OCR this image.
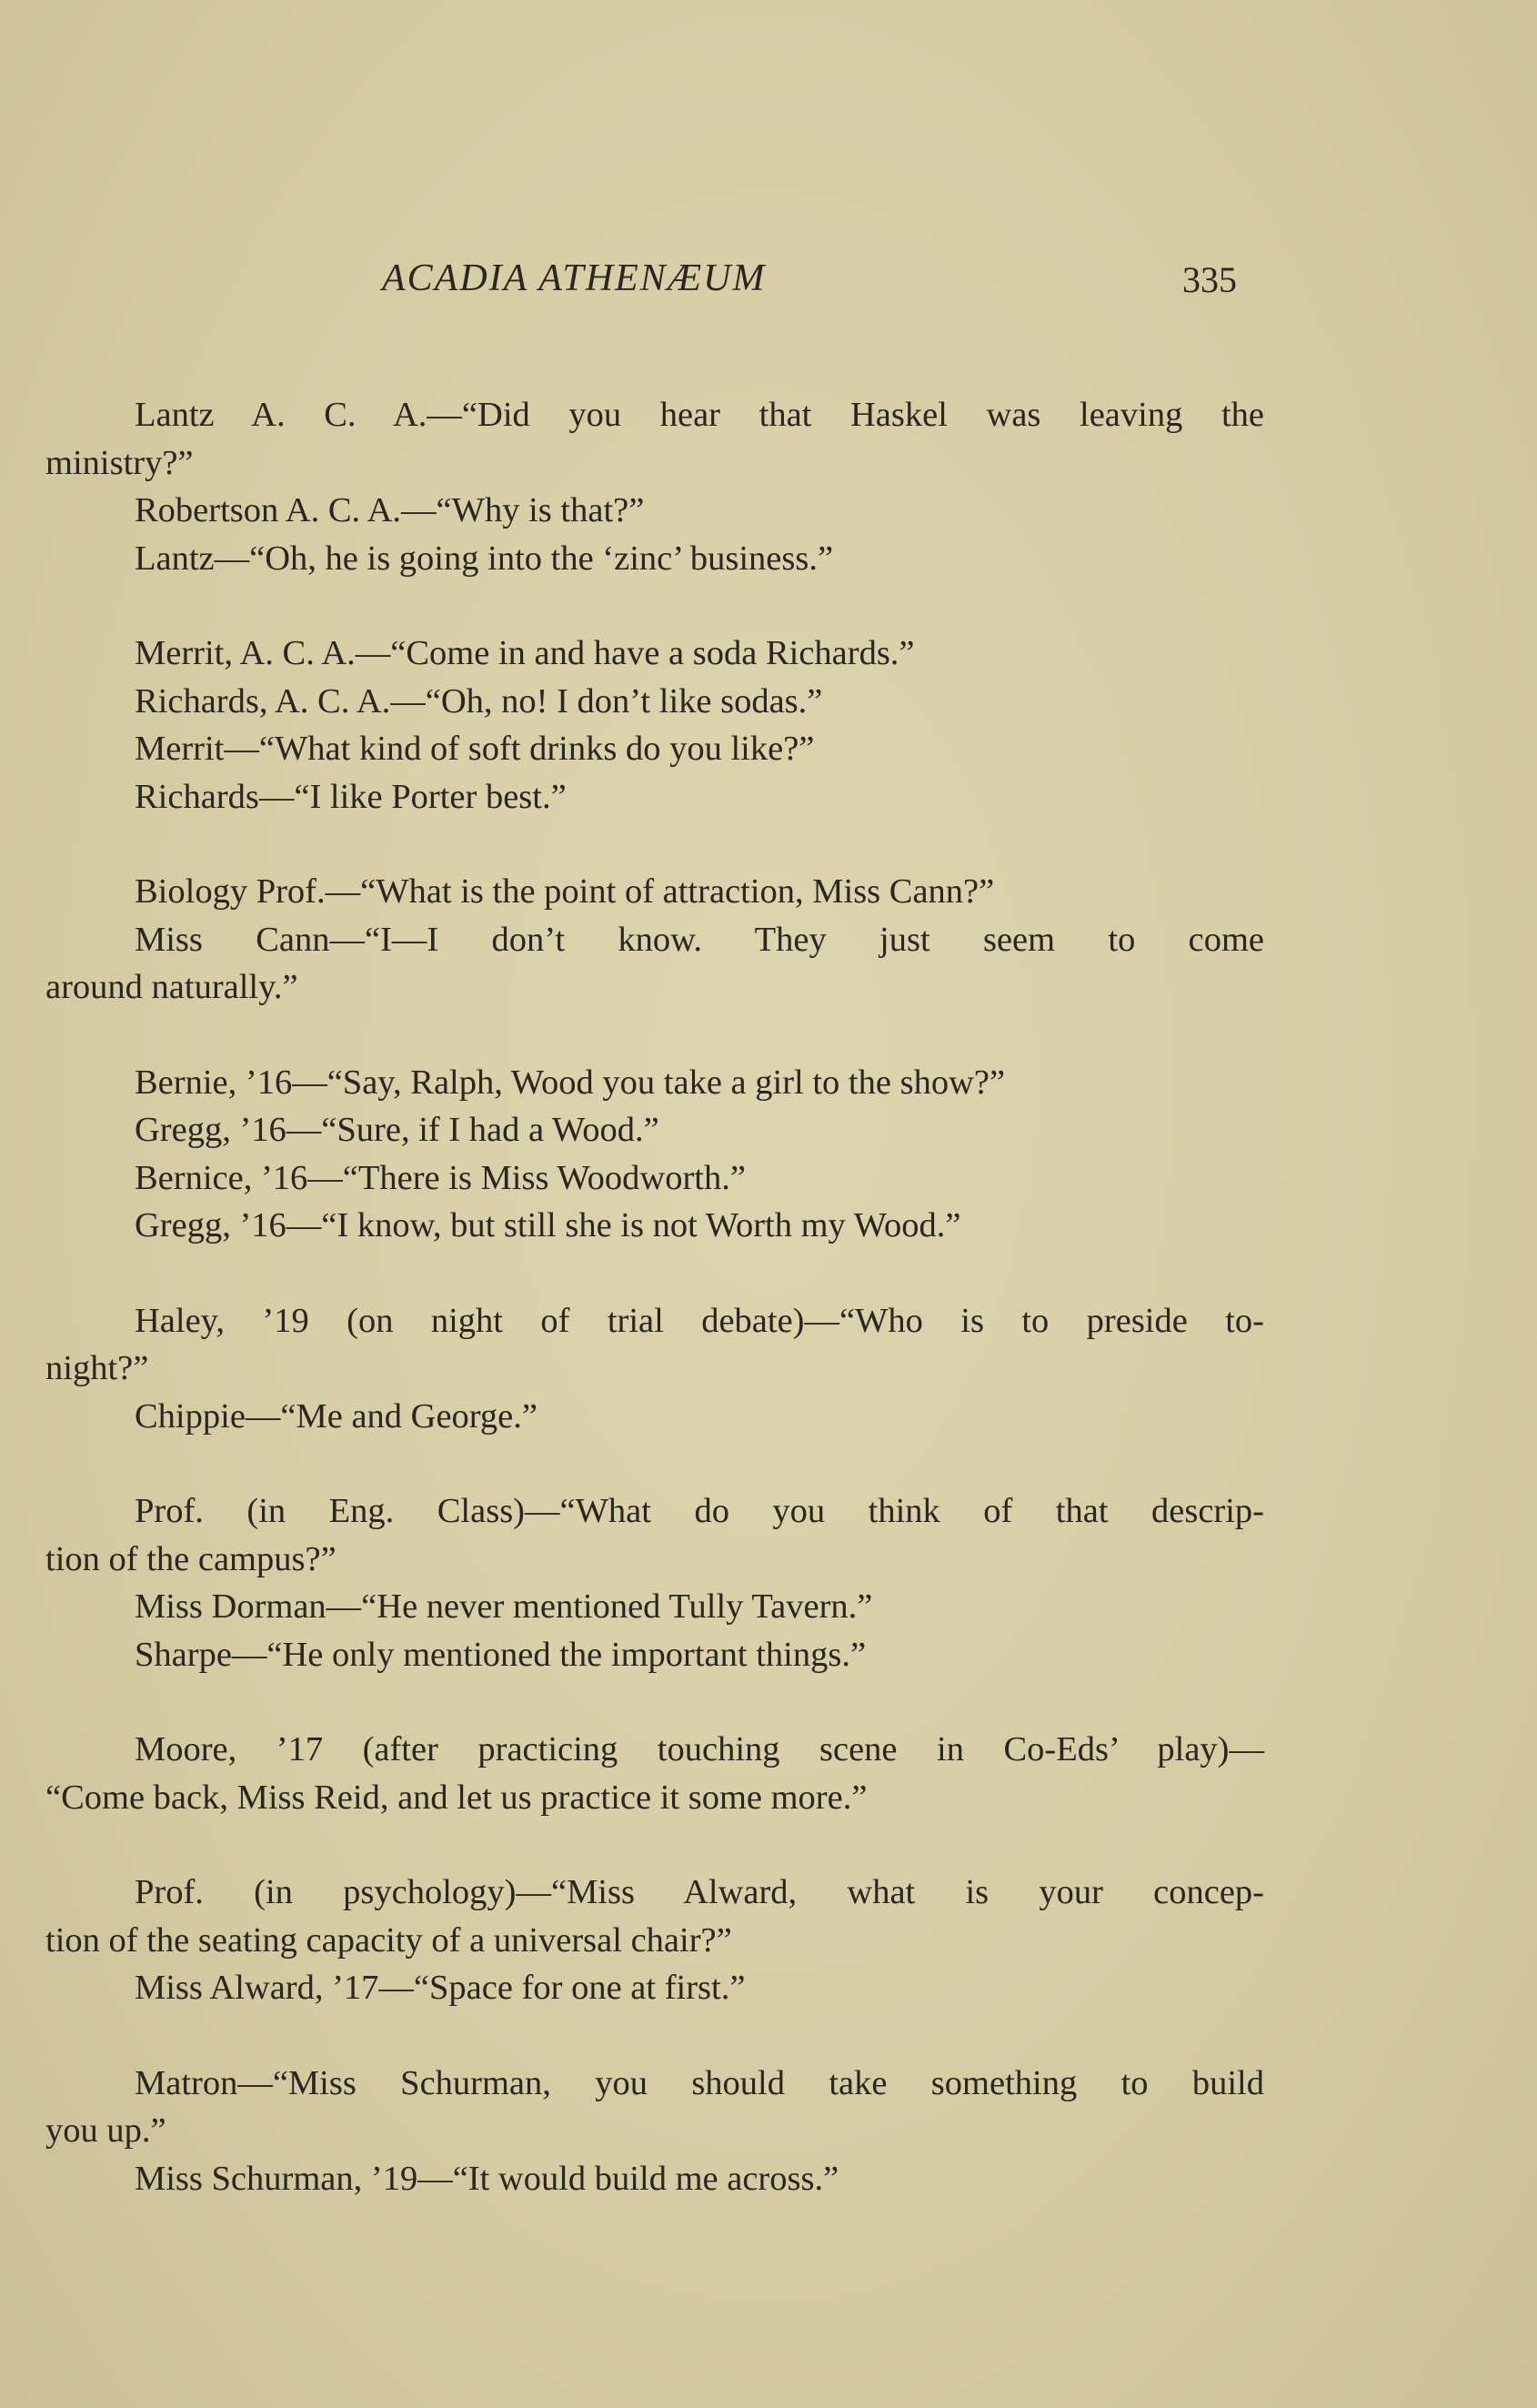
ACADIA ATHENÆUM	335
Lantz A. C. A.—“Did you hear that Haskel was leaving the
ministry?”
Robertson A. C. A.—“Why is that?”
Lantz—“Oh, he is going into the ‘zinc’ business.”
Merrit, A. C. A.—“Come in and have a soda Richards.”
Richards, A. C. A.—“Oh, no! I don’t like sodas.”
Merrit—“What kind of soft drinks do you like?”
Richards—“I like Porter best.”
Biology Prof.—“What is the point of attraction, Miss Cann?”
Miss Cann—“I—I don’t know. They just seem to come
around naturally.”
Bernie, ’16—“Say, Ralph, Wood you take a girl to the show?”
Gregg, ’16—“Sure, if I had a Wood.”
Bernice, ’16—“There is Miss Woodworth.”
Gregg, ’16—“I know, but still she is not Worth my Wood.”
Haley, ’19 (on night of trial debate)—“Who is to preside to-
night?”
Chippie—“Me and George.”
Prof. (in Eng. Class)—“What do you think of that descrip-
tion of the campus?”
Miss Dorman—“He never mentioned Tully Tavern.”
Sharpe—“He only mentioned the important things.”
Moore, ’17 (after practicing touching scene in Co-Eds’ play)—
“Come back, Miss Reid, and let us practice it some more.”
Prof. (in psychology)—“Miss Alward, what is your concep-
tion of the seating capacity of a universal chair?”
Miss Alward, ’17—“Space for one at first.”
Matron—“Miss Schurman, you should take something to build
you up.”
Miss Schurman, ’19—“It would build me across.”
